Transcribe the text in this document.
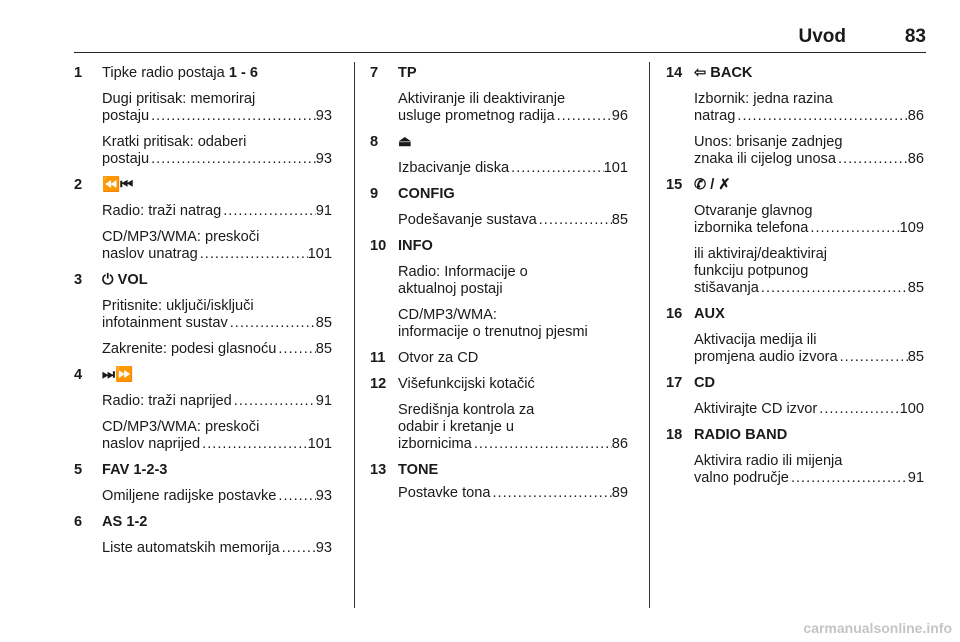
Uvod	83
1 Tipke radio postaja 1 - 6
Dugi pritisak: memoriraj
postaju .....	93
Kratki pritisak: odaberi
postaju .....	93
2 ⏪⏮
Radio: traži natrag .....	91
CD/MP3/WMA: preskoči
naslov unatrag .....	101
3 ⏻ VOL
Pritisnite: uključi/isključi
infotainment sustav .....	85
Zakrenite: podesi glasnoću .....	85
4 ⏭⏩
Radio: traži naprijed .....	91
CD/MP3/WMA: preskoči
naslov naprijed .....	101
5 FAV 1-2-3
Omiljene radijske postavke .....	93
6 AS 1-2
Liste automatskih memorija ..... 93
7 TP
Aktiviranje ili deaktiviranje
usluge prometnog radija .....	96
8 ⏏
Izbacivanje diska .....	101
9 CONFIG
Podešavanje sustava .....	85
10 INFO
Radio: Informacije o
aktualnoj postaji
CD/MP3/WMA:
informacije o trenutnoj pjesmi
11 Otvor za CD
12 Višefunkcijski kotačić
Središnja kontrola za
odabir i kretanje u
izbornicima .....	86
13 TONE
Postavke tona .....	89
14 ⇦ BACK
Izbornik: jedna razina
natrag .....	86
Unos: brisanje zadnjeg
znaka ili cijelog unosa .....	86
15 ✆ / ✗
Otvaranje glavnog
izbornika telefona .....	109
ili aktiviraj/deaktiviraj
funkciju potpunog
stišavanja .....	85
16 AUX
Aktivacija medija ili
promjena audio izvora .....	85
17 CD
Aktivirajte CD izvor .....	100
18 RADIO BAND
Aktivira radio ili mijenja
valno područje .....	91
carmanualsonline.info
